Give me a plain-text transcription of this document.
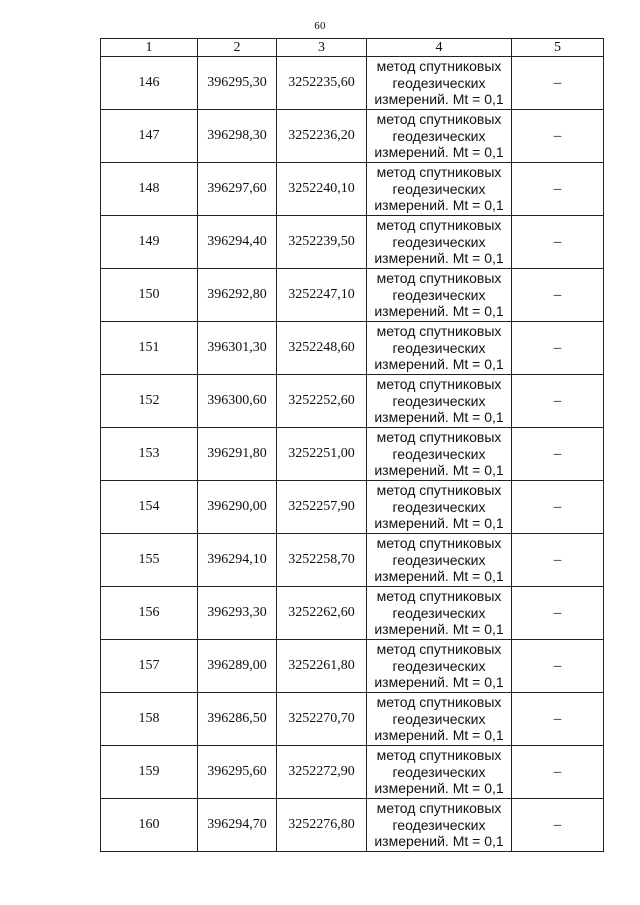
60
1	2	3	4	5
146	396295,30	3252235,60	метод спутниковых
геодезических
измерений. Mt = 0,1	–
147	396298,30	3252236,20	метод спутниковых
геодезических
измерений. Mt = 0,1	–
148	396297,60	3252240,10	метод спутниковых
геодезических
измерений. Mt = 0,1	–
149	396294,40	3252239,50	метод спутниковых
геодезических
измерений. Mt = 0,1	–
150	396292,80	3252247,10	метод спутниковых
геодезических
измерений. Mt = 0,1	–
151	396301,30	3252248,60	метод спутниковых
геодезических
измерений. Mt = 0,1	–
152	396300,60	3252252,60	метод спутниковых
геодезических
измерений. Mt = 0,1	–
153	396291,80	3252251,00	метод спутниковых
геодезических
измерений. Mt = 0,1	–
154	396290,00	3252257,90	метод спутниковых
геодезических
измерений. Mt = 0,1	–
155	396294,10	3252258,70	метод спутниковых
геодезических
измерений. Mt = 0,1	–
156	396293,30	3252262,60	метод спутниковых
геодезических
измерений. Mt = 0,1	–
157	396289,00	3252261,80	метод спутниковых
геодезических
измерений. Mt = 0,1	–
158	396286,50	3252270,70	метод спутниковых
геодезических
измерений. Mt = 0,1	–
159	396295,60	3252272,90	метод спутниковых
геодезических
измерений. Mt = 0,1	–
160	396294,70	3252276,80	метод спутниковых
геодезических
измерений. Mt = 0,1	–
